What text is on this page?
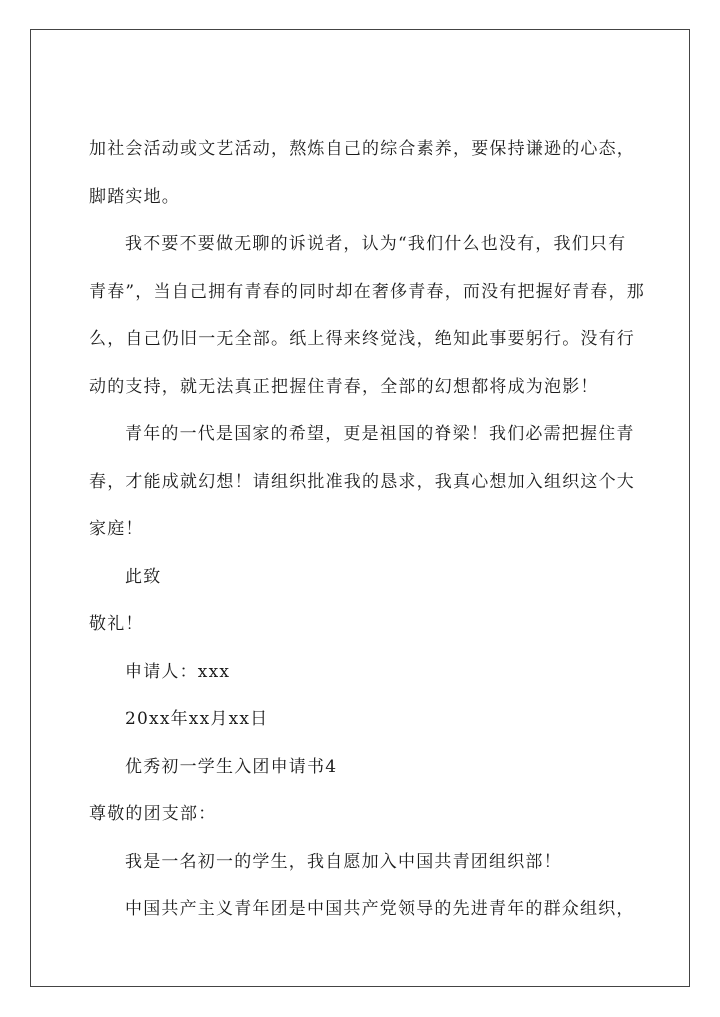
加社会活动或文艺活动，熬炼自己的综合素养，要保持谦逊的心态，

脚踏实地。

我不要不要做无聊的诉说者，认为“我们什么也没有，我们只有

青春”，当自己拥有青春的同时却在奢侈青春，而没有把握好青春，那

么，自己仍旧一无全部。纸上得来终觉浅，绝知此事要躬行。没有行

动的支持，就无法真正把握住青春，全部的幻想都将成为泡影！

青年的一代是国家的希望，更是祖国的脊梁！我们必需把握住青

春，才能成就幻想！请组织批准我的恳求，我真心想加入组织这个大

家庭！

此致

敬礼！

申请人：xxx

20xx年xx月xx日

优秀初一学生入团申请书4

尊敬的团支部：

我是一名初一的学生，我自愿加入中国共青团组织部！

中国共产主义青年团是中国共产党领导的先进青年的群众组织，
